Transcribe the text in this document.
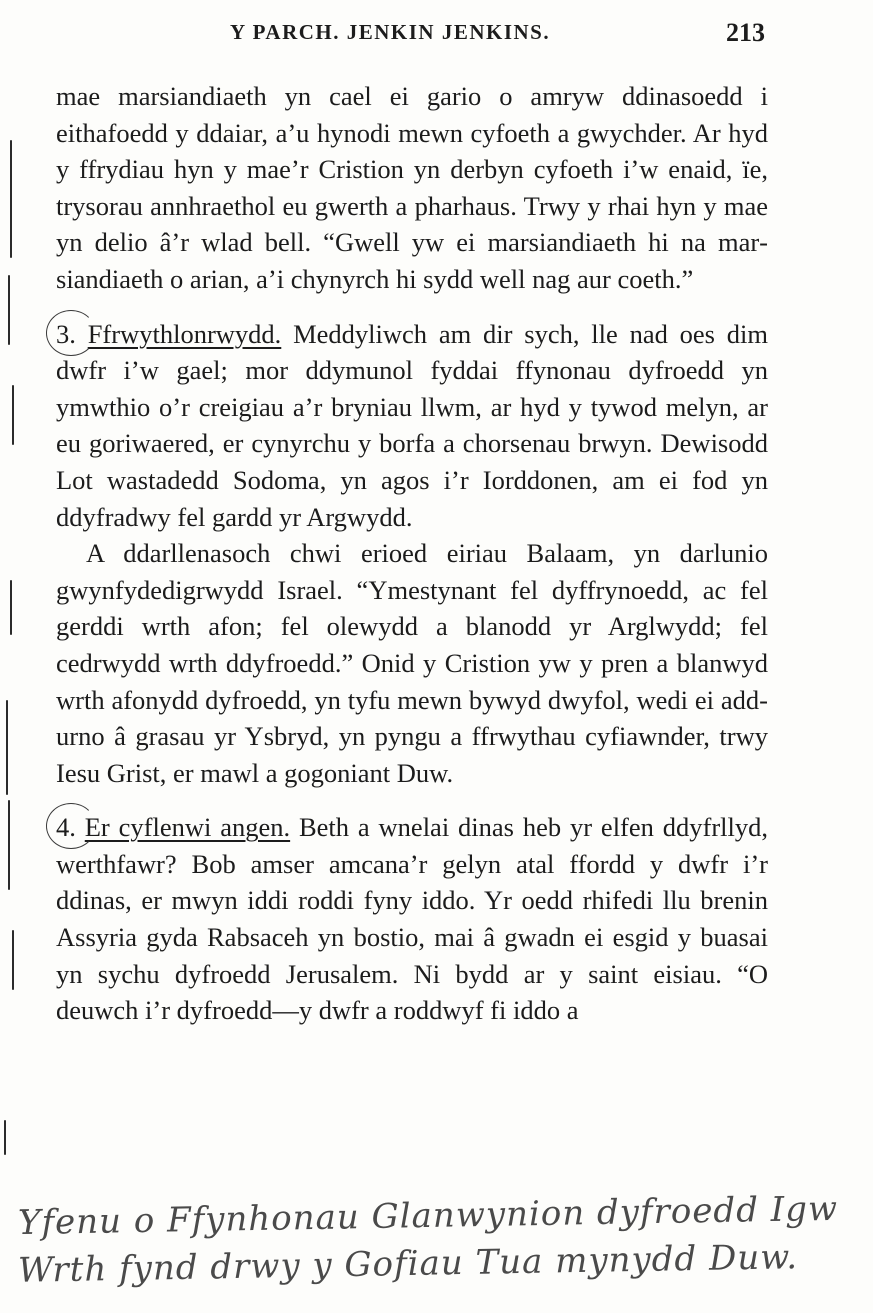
Y PARCH. JENKIN JENKINS.	213

mae marsiandiaeth yn cael ei gario o amryw ddinasoedd i eithafoedd y ddaiar, a’u hynodi mewn cyfoeth a gwychder. Ar hyd y ffrydiau hyn y mae’r Cristion yn derbyn cyfoeth i’w enaid, ïe, trysorau annhraethol eu gwerth a pharhaus. Trwy y rhai hyn y mae yn delio â’r wlad bell. “Gwell yw ei marsiandiaeth hi na marsiandiaeth o arian, a’i chynyrch hi sydd well nag aur coeth.”

3. Ffrwythlonrwydd. Meddyliwch am dir sych, lle nad oes dim dwfr i’w gael; mor ddymunol fyddai ffynonau dyfroedd yn ymwthio o’r creigiau a’r bryniau llwm, ar hyd y tywod melyn, ar eu goriwaered, er cynyrchu y borfa a chorsenau brwyn. Dewisodd Lot wastadedd Sodoma, yn agos i’r Iorddonen, am ei fod yn ddyfradwy fel gardd yr Argwydd.

A ddarllenasoch chwi erioed eiriau Balaam, yn darlunio gwynfydedigrwydd Israel. “Ymestynant fel dyffrynoedd, ac fel gerddi wrth afon; fel olewydd a blanodd yr Arglwydd; fel cedrwydd wrth ddyfroedd.” Onid y Cristion yw y pren a blanwyd wrth afonydd dyfroedd, yn tyfu mewn bywyd dwyfol, wedi ei addurno â grasau yr Ysbryd, yn pyngu a ffrwythau cyfiawnder, trwy Iesu Grist, er mawl a gogoniant Duw.

4. Er cyflenwi angen. Beth a wnelai dinas heb yr elfen ddyfrllyd, werthfawr? Bob amser amcana’r gelyn atal ffordd y dwfr i’r ddinas, er mwyn iddi roddi fyny iddo. Yr oedd rhifedi llu brenin Assyria gyda Rabsaceh yn bostio, mai â gwadn ei esgid y buasai yn sychu dyfroedd Jerusalem. Ni bydd ar y saint eisiau. “O deuwch i’r dyfroedd—y dwfr a roddwyf fi iddo a

Yfenu o Ffynhonau Glanwynion dyfroedd Igw
Wrth fynd drwy y Gofiau Tua mynydd Duw.
